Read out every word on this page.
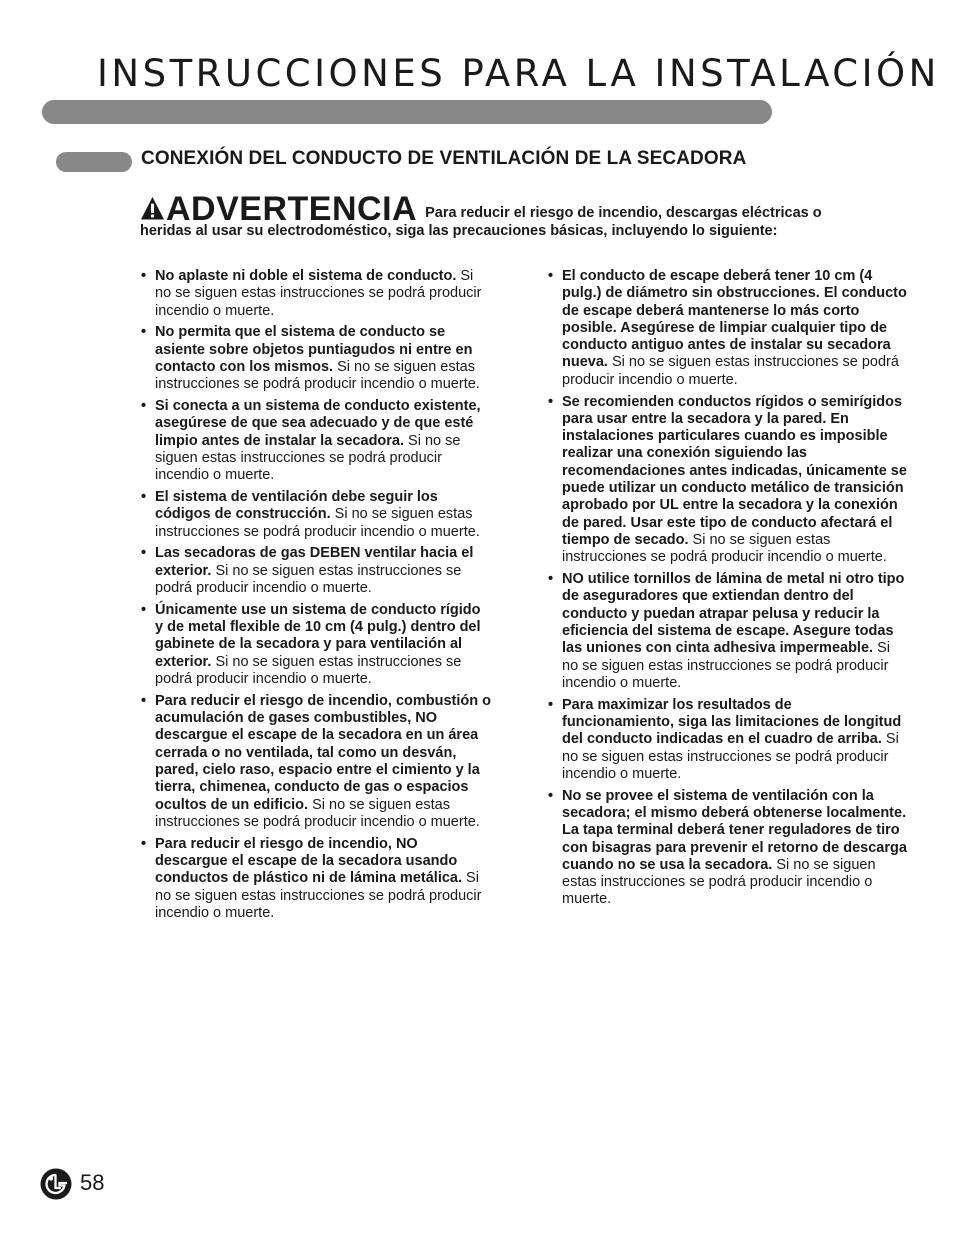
INSTRUCCIONES PARA LA INSTALACIÓN
CONEXIÓN DEL CONDUCTO DE VENTILACIÓN DE LA SECADORA
ADVERTENCIA Para reducir el riesgo de incendio, descargas eléctricas o heridas al usar su electrodoméstico, siga las precauciones básicas, incluyendo lo siguiente:
• No aplaste ni doble el sistema de conducto. Si no se siguen estas instrucciones se podrá producir incendio o muerte.
• No permita que el sistema de conducto se asiente sobre objetos puntiagudos ni entre en contacto con los mismos. Si no se siguen estas instrucciones se podrá producir incendio o muerte.
• Si conecta a un sistema de conducto existente, asegúrese de que sea adecuado y de que esté limpio antes de instalar la secadora. Si no se siguen estas instrucciones se podrá producir incendio o muerte.
• El sistema de ventilación debe seguir los códigos de construcción. Si no se siguen estas instrucciones se podrá producir incendio o muerte.
• Las secadoras de gas DEBEN ventilar hacia el exterior. Si no se siguen estas instrucciones se podrá producir incendio o muerte.
• Únicamente use un sistema de conducto rígido y de metal flexible de 10 cm (4 pulg.) dentro del gabinete de la secadora y para ventilación al exterior. Si no se siguen estas instrucciones se podrá producir incendio o muerte.
• Para reducir el riesgo de incendio, combustión o acumulación de gases combustibles, NO descargue el escape de la secadora en un área cerrada o no ventilada, tal como un desván, pared, cielo raso, espacio entre el cimiento y la tierra, chimenea, conducto de gas o espacios ocultos de un edificio. Si no se siguen estas instrucciones se podrá producir incendio o muerte.
• Para reducir el riesgo de incendio, NO descargue el escape de la secadora usando conductos de plástico ni de lámina metálica. Si no se siguen estas instrucciones se podrá producir incendio o muerte.
• El conducto de escape deberá tener 10 cm (4 pulg.) de diámetro sin obstrucciones. El conducto de escape deberá mantenerse lo más corto posible. Asegúrese de limpiar cualquier tipo de conducto antiguo antes de instalar su secadora nueva. Si no se siguen estas instrucciones se podrá producir incendio o muerte.
• Se recomienden conductos rígidos o semirígidos para usar entre la secadora y la pared. En instalaciones particulares cuando es imposible realizar una conexión siguiendo las recomendaciones antes indicadas, únicamente se puede utilizar un conducto metálico de transición aprobado por UL entre la secadora y la conexión de pared. Usar este tipo de conducto afectará el tiempo de secado. Si no se siguen estas instrucciones se podrá producir incendio o muerte.
• NO utilice tornillos de lámina de metal ni otro tipo de aseguradores que extiendan dentro del conducto y puedan atrapar pelusa y reducir la eficiencia del sistema de escape. Asegure todas las uniones con cinta adhesiva impermeable. Si no se siguen estas instrucciones se podrá producir incendio o muerte.
• Para maximizar los resultados de funcionamiento, siga las limitaciones de longitud del conducto indicadas en el cuadro de arriba. Si no se siguen estas instrucciones se podrá producir incendio o muerte.
• No se provee el sistema de ventilación con la secadora; el mismo deberá obtenerse localmente. La tapa terminal deberá tener reguladores de tiro con bisagras para prevenir el retorno de descarga cuando no se usa la secadora. Si no se siguen estas instrucciones se podrá producir incendio o muerte.
58
